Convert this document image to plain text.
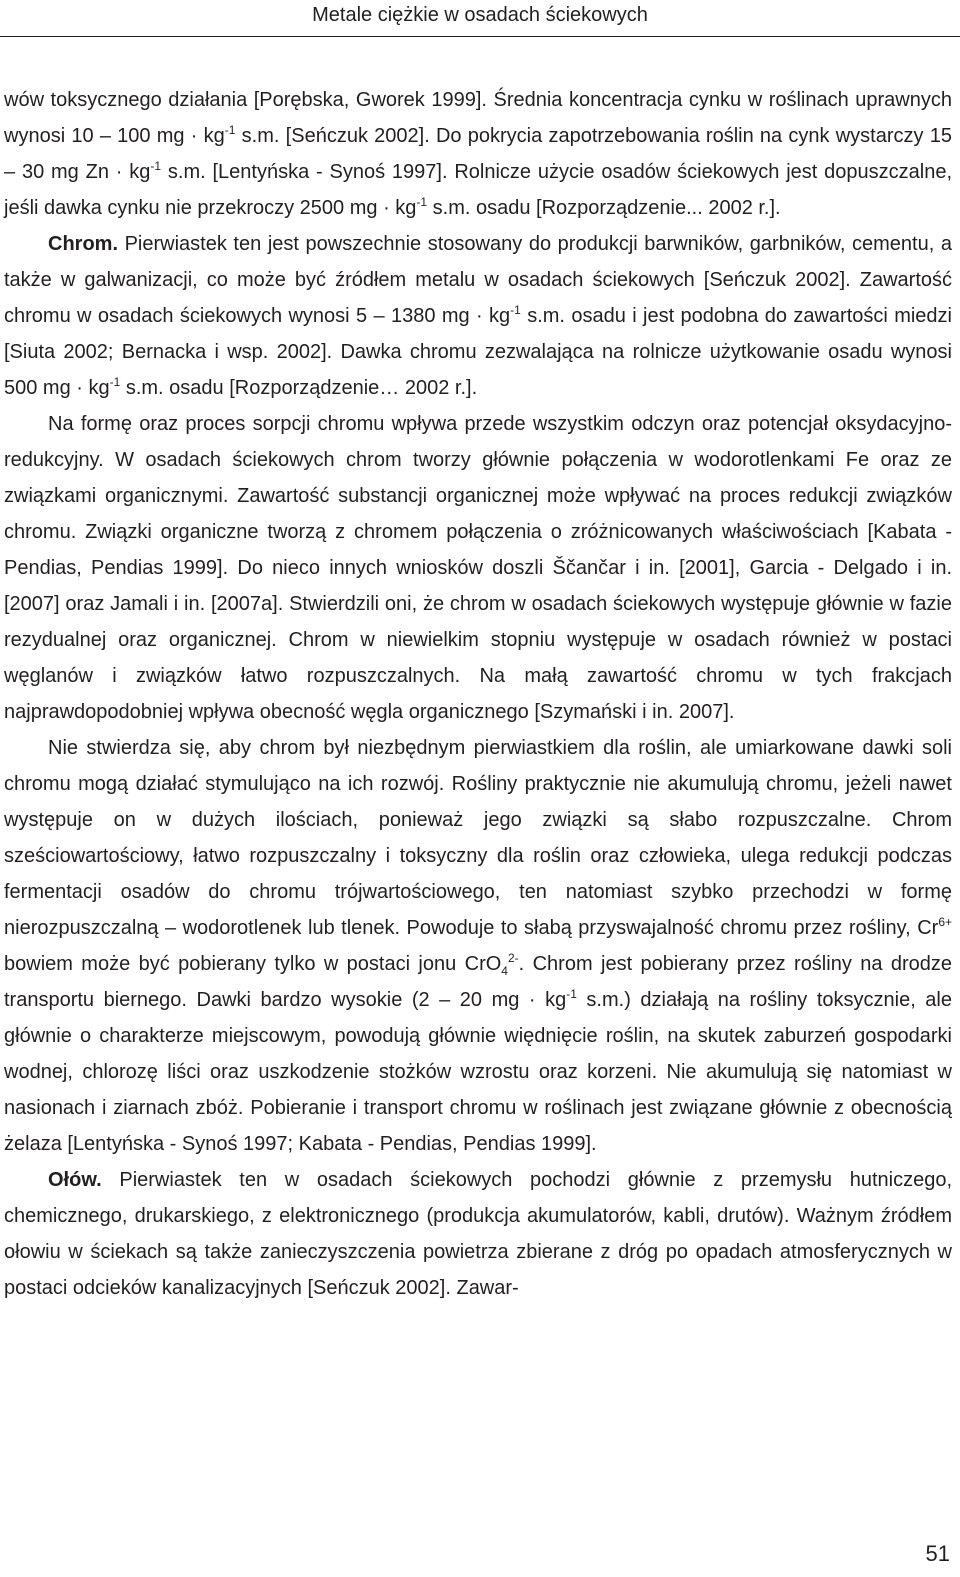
Metale ciężkie w osadach ściekowych

wów toksycznego działania [Porębska, Gworek 1999]. Średnia koncentracja cynku w roślinach uprawnych wynosi 10 – 100 mg · $kg^{-1}$ s.m. [Seńczuk 2002]. Do pokrycia zapotrzebowania roślin na cynk wystarczy 15 – 30 mg $Zn \cdot kg^{-1}$ s.m. [Lentyńska - Synoś 1997]. Rolnicze użycie osadów ściekowych jest dopuszczalne, jeśli dawka cynku nie przekroczy 2500 mg · $kg^{-1}$ s.m. osadu [Rozporządzenie... 2002 r.].

Chrom. Pierwiastek ten jest powszechnie stosowany do produkcji barwników, garbników, cementu, a także w galwanizacji, co może być źródłem metalu w osadach ściekowych [Seńczuk 2002]. Zawartość chromu w osadach ściekowych wynosi 5 – 1380 mg · $kg^{-1}$ s.m. osadu i jest podobna do zawartości miedzi [Siuta 2002; Bernacka i wsp. 2002]. Dawka chromu zezwalająca na rolnicze użytkowanie osadu wynosi 500 mg · $kg^{-1}$ s.m. osadu [Rozporządzenie… 2002 r.].

Na formę oraz proces sorpcji chromu wpływa przede wszystkim odczyn oraz potencjał oksydacyjno-redukcyjny. W osadach ściekowych chrom tworzy głównie połączenia w wodorotlenkami Fe oraz ze związkami organicznymi. Zawartość substancji organicznej może wpływać na proces redukcji związków chromu. Związki organiczne tworzą z chromem połączenia o zróżnicowanych właściwościach [Kabata - Pendias, Pendias 1999]. Do nieco innych wniosków doszli Ščančar i in. [2001], Garcia - Delgado i in. [2007] oraz Jamali i in. [2007a]. Stwierdzili oni, że chrom w osadach ściekowych występuje głównie w fazie rezydualnej oraz organicznej. Chrom w niewielkim stopniu występuje w osadach również w postaci węglanów i związków łatwo rozpuszczalnych. Na małą zawartość chromu w tych frakcjach najprawdopodobniej wpływa obecność węgla organicznego [Szymański i in. 2007].

Nie stwierdza się, aby chrom był niezbędnym pierwiastkiem dla roślin, ale umiarkowane dawki soli chromu mogą działać stymulująco na ich rozwój. Rośliny praktycznie nie akumulują chromu, jeżeli nawet występuje on w dużych ilościach, ponieważ jego związki są słabo rozpuszczalne. Chrom sześciowartościowy, łatwo rozpuszczalny i toksyczny dla roślin oraz człowieka, ulega redukcji podczas fermentacji osadów do chromu trójwartościowego, ten natomiast szybko przechodzi w formę nierozpuszczalną – wodorotlenek lub tlenek. Powoduje to słabą przyswajalność chromu przez rośliny, $Cr^{6+}$ bowiem może być pobierany tylko w postaci jonu CrO$_4^{2-}$. Chrom jest pobierany przez rośliny na drodze transportu biernego. Dawki bardzo wysokie (2 – 20 mg · $kg^{-1}$ s.m.) działają na rośliny toksycznie, ale głównie o charakterze miejscowym, powodują głównie więdnięcie roślin, na skutek zaburzeń gospodarki wodnej, chlorozę liści oraz uszkodzenie stożków wzrostu oraz korzeni. Nie akumulują się natomiast w nasionach i ziarnach zbóż. Pobieranie i transport chromu w roślinach jest związane głównie z obecnością żelaza [Lentyńska - Synoś 1997; Kabata - Pendias, Pendias 1999].

Ołów. Pierwiastek ten w osadach ściekowych pochodzi głównie z przemysłu hutniczego, chemicznego, drukarskiego, z elektronicznego (produkcja akumulatorów, kabli, drutów). Ważnym źródłem ołowiu w ściekach są także zanieczyszczenia powietrza zbierane z dróg po opadach atmosferycznych w postaci odcieków kanalizacyjnych [Seńczuk 2002]. Zawar-

51
